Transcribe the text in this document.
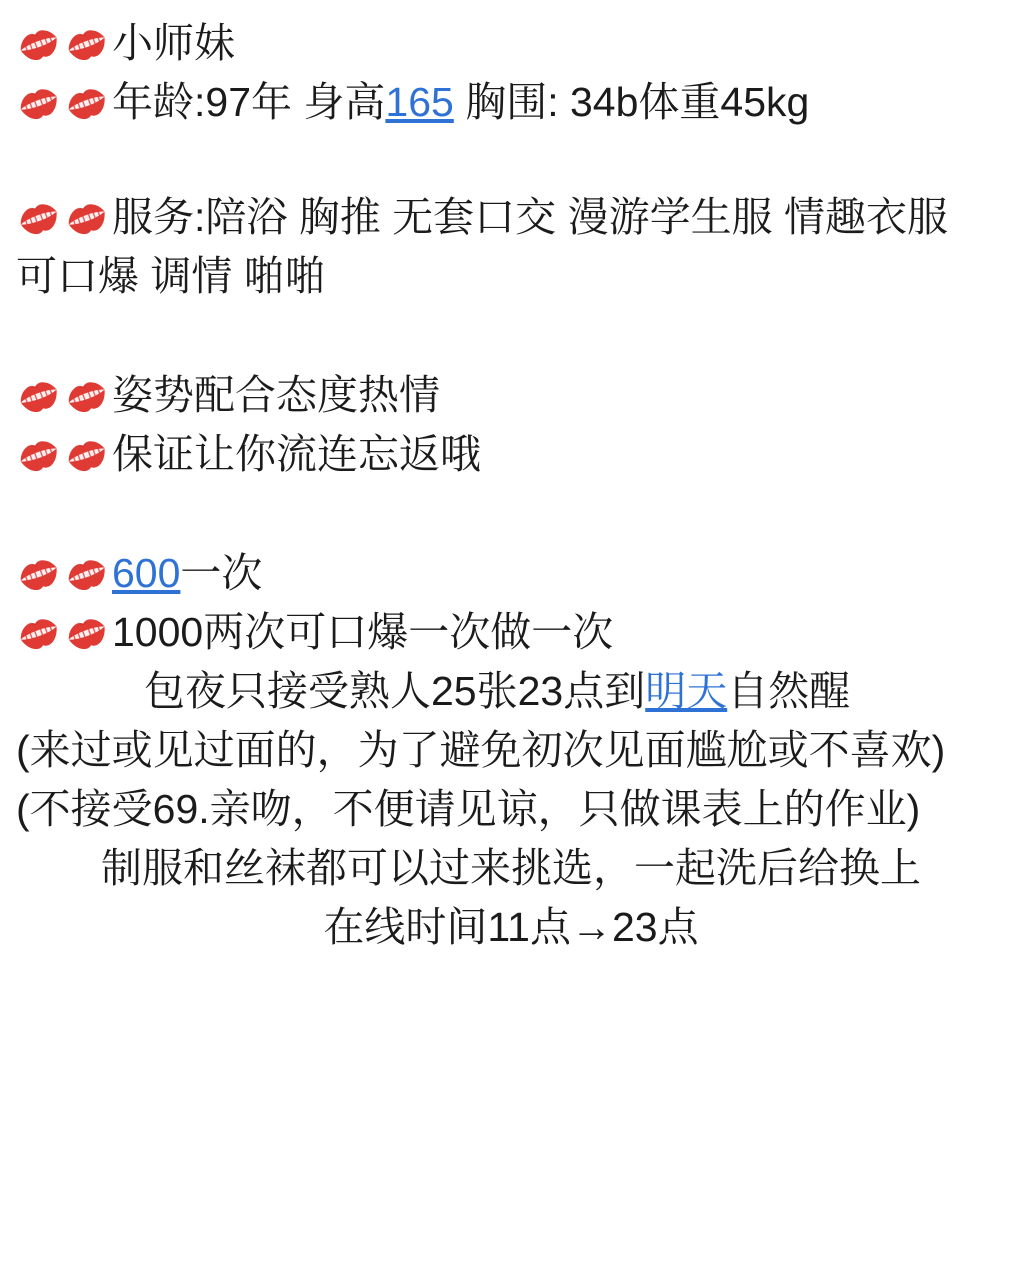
小师妹
年龄:97年 身高165 胸围: 34b体重45kg
服务:陪浴 胸推 无套口交 漫游学生服 情趣衣服
可口爆 调情 啪啪
姿势配合态度热情
保证让你流连忘返哦
600一次
1000两次可口爆一次做一次
包夜只接受熟人25张23点到明天自然醒
(来过或见过面的，为了避免初次见面尴尬或不喜欢)
(不接受69.亲吻，不便请见谅，只做课表上的作业)
制服和丝袜都可以过来挑选，一起洗后给换上
在线时间11点→23点
